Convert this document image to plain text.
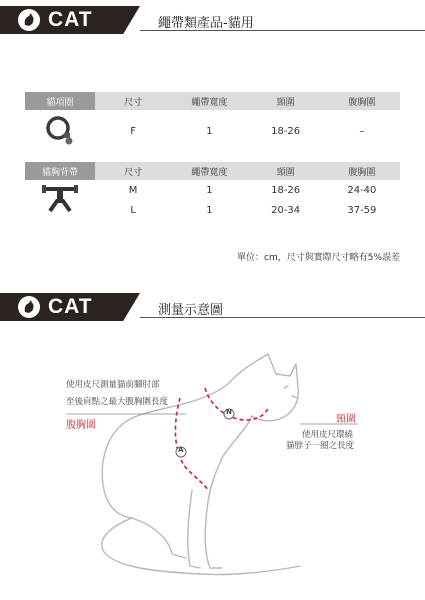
CAT	繩帶類產品-貓用
貓項圈	尺寸	繩帶寬度	頸圍	腹胸圍
	F	1	18-26	–
貓胸背帶	尺寸	繩帶寬度	頸圍	腹胸圍
	M	1	18-26	24-40
	L	1	20-34	37-59
單位：cm，尺寸與實際尺寸略有5%誤差
CAT	測量示意圖
使用皮尺測量貓前腳肘部
至後肩點之最大腹胸圍長度
腹胸圍
頸圍
使用皮尺環繞
貓脖子一圈之長度
N
A
